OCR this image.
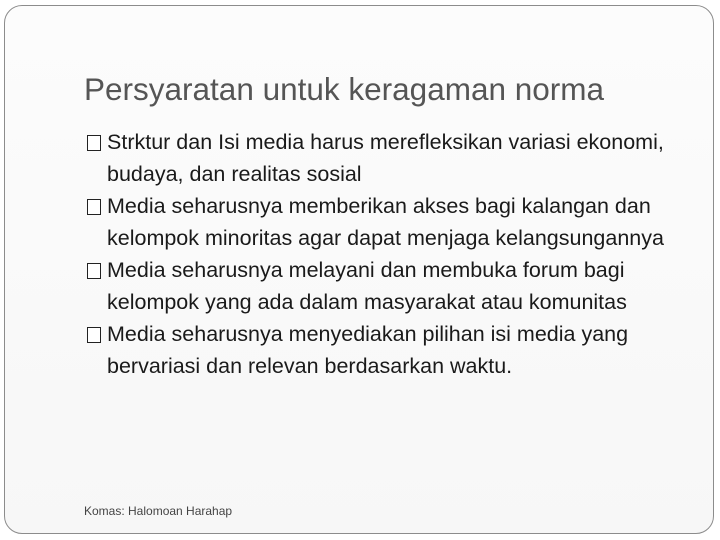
Persyaratan untuk keragaman norma
Strktur dan Isi media harus merefleksikan variasi ekonomi, budaya, dan realitas sosial
Media seharusnya memberikan akses bagi kalangan dan kelompok minoritas agar dapat menjaga kelangsungannya
Media seharusnya melayani dan membuka forum bagi kelompok yang ada dalam masyarakat atau komunitas
Media seharusnya menyediakan pilihan isi media yang bervariasi dan relevan berdasarkan waktu.
Komas: Halomoan Harahap
